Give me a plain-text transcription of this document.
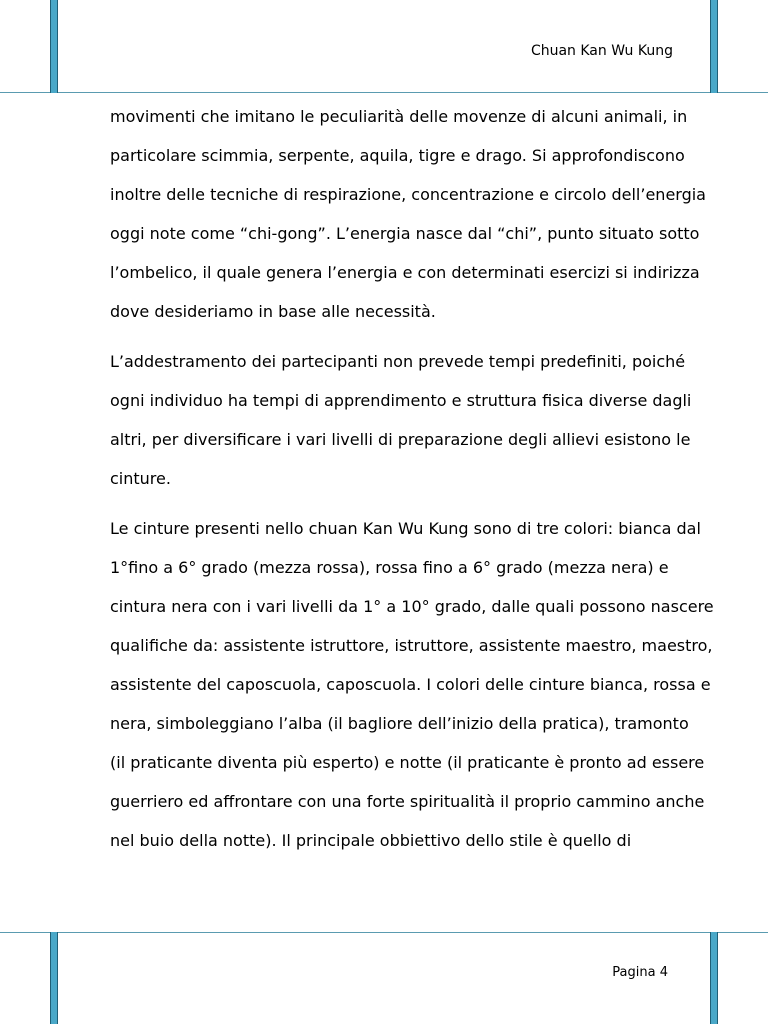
Chuan Kan Wu Kung

movimenti che imitano le peculiarità delle movenze di alcuni animali, in
particolare scimmia, serpente, aquila, tigre e drago. Si approfondiscono
inoltre delle tecniche di respirazione, concentrazione e circolo dell’energia
oggi note come “chi-gong”. L’energia nasce dal “chi”, punto situato sotto
l’ombelico, il quale genera l’energia e con determinati esercizi si indirizza
dove desideriamo in base alle necessità.

L’addestramento dei partecipanti non prevede tempi predefiniti, poiché
ogni individuo ha tempi di apprendimento e struttura fisica diverse dagli
altri, per diversificare i vari livelli di preparazione degli allievi esistono le
cinture.

Le cinture presenti nello chuan Kan Wu Kung sono di tre colori: bianca dal
1°fino a 6° grado (mezza rossa), rossa fino a 6° grado (mezza nera) e
cintura nera con i vari livelli da 1° a 10° grado, dalle quali possono nascere
qualifiche da: assistente istruttore, istruttore, assistente maestro, maestro,
assistente del caposcuola, caposcuola. I colori delle cinture bianca, rossa e
nera, simboleggiano l’alba (il bagliore dell’inizio della pratica), tramonto
(il praticante diventa più esperto) e notte (il praticante è pronto ad essere
guerriero ed affrontare con una forte spiritualità il proprio cammino anche
nel buio della notte). Il principale obbiettivo dello stile è quello di

Pagina 4
